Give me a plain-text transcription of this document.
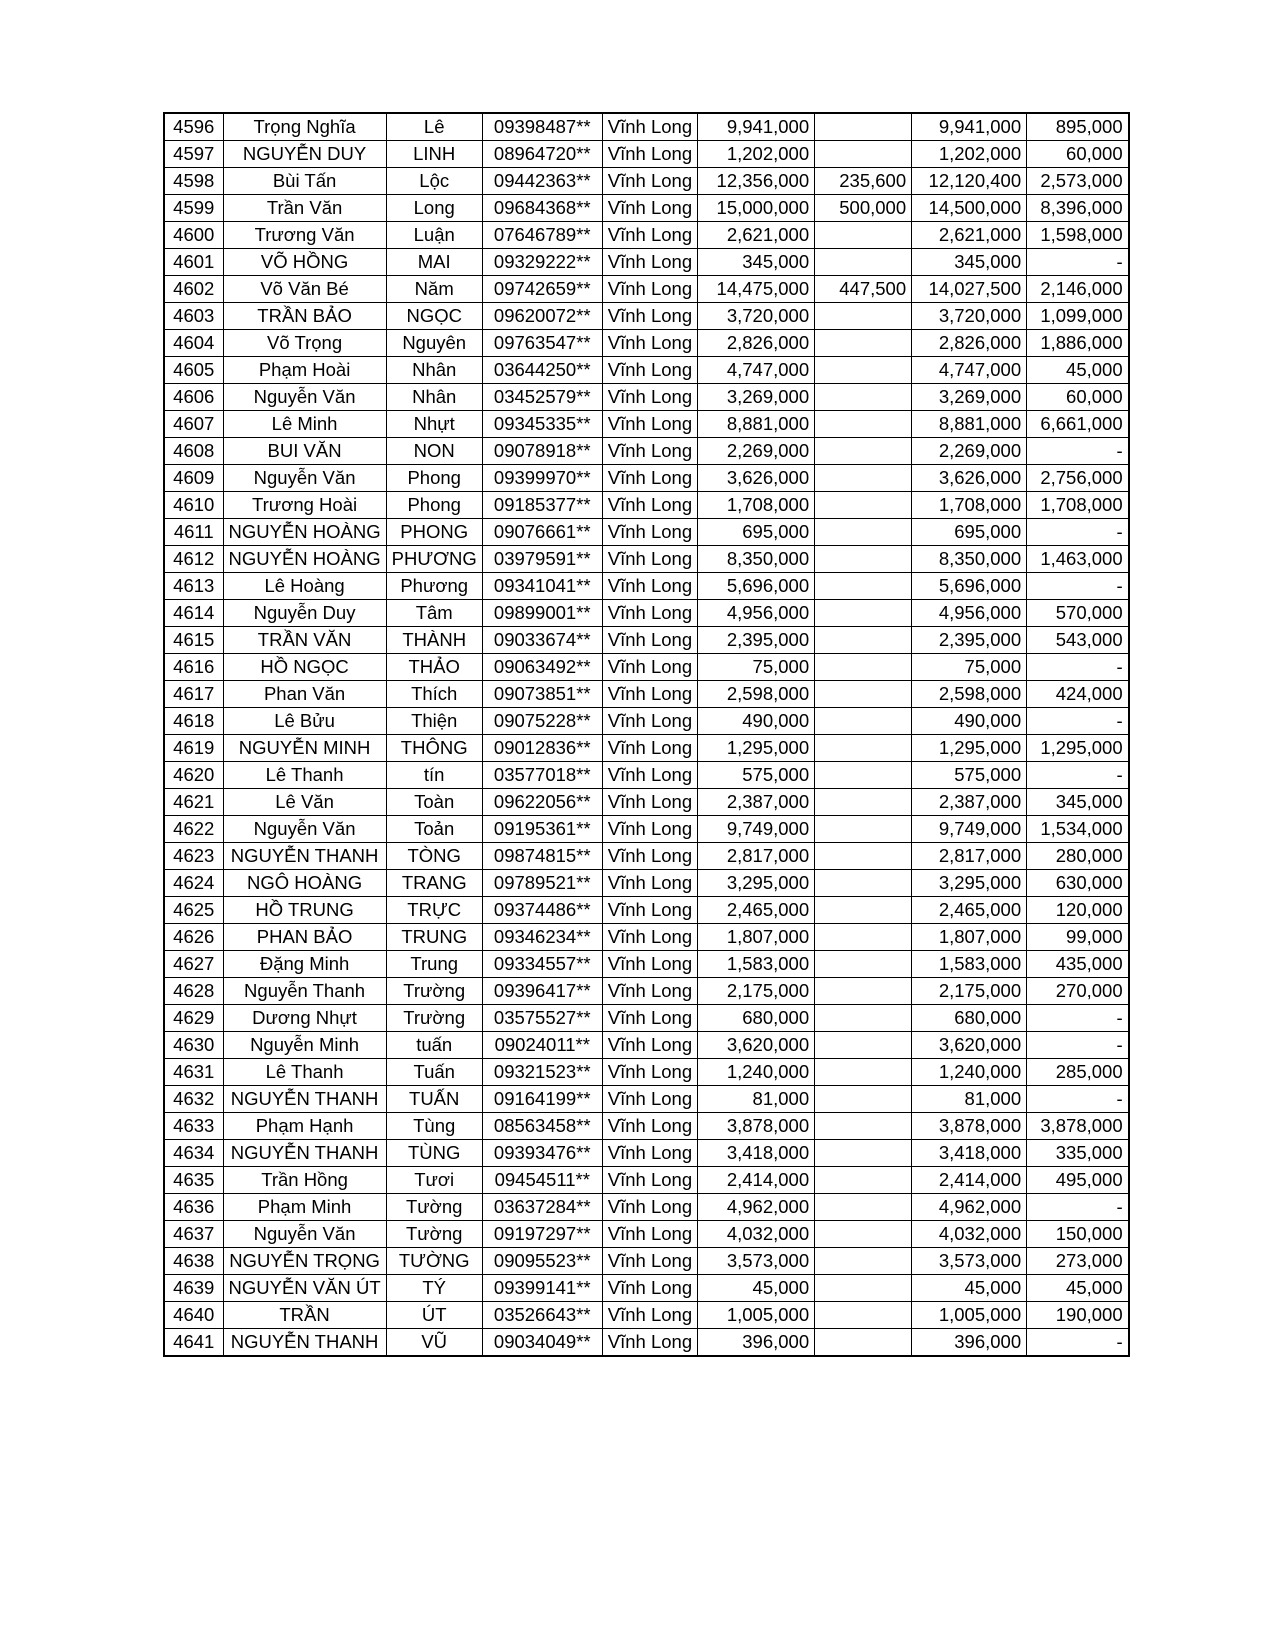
4596	Trọng Nghĩa	Lê	09398487**	Vĩnh Long	9,941,000		9,941,000	895,000
4597	NGUYỄN DUY	LINH	08964720**	Vĩnh Long	1,202,000		1,202,000	60,000
4598	Bùi Tấn	Lộc	09442363**	Vĩnh Long	12,356,000	235,600	12,120,400	2,573,000
4599	Trần Văn	Long	09684368**	Vĩnh Long	15,000,000	500,000	14,500,000	8,396,000
4600	Trương Văn	Luận	07646789**	Vĩnh Long	2,621,000		2,621,000	1,598,000
4601	VÕ HỒNG	MAI	09329222**	Vĩnh Long	345,000		345,000	-
4602	Võ Văn Bé	Năm	09742659**	Vĩnh Long	14,475,000	447,500	14,027,500	2,146,000
4603	TRẦN BẢO	NGỌC	09620072**	Vĩnh Long	3,720,000		3,720,000	1,099,000
4604	Võ Trọng	Nguyên	09763547**	Vĩnh Long	2,826,000		2,826,000	1,886,000
4605	Phạm Hoài	Nhân	03644250**	Vĩnh Long	4,747,000		4,747,000	45,000
4606	Nguyễn Văn	Nhân	03452579**	Vĩnh Long	3,269,000		3,269,000	60,000
4607	Lê Minh	Nhựt	09345335**	Vĩnh Long	8,881,000		8,881,000	6,661,000
4608	BUI VĂN	NON	09078918**	Vĩnh Long	2,269,000		2,269,000	-
4609	Nguyễn Văn	Phong	09399970**	Vĩnh Long	3,626,000		3,626,000	2,756,000
4610	Trương Hoài	Phong	09185377**	Vĩnh Long	1,708,000		1,708,000	1,708,000
4611	NGUYỄN HOÀNG	PHONG	09076661**	Vĩnh Long	695,000		695,000	-
4612	NGUYỄN HOÀNG	PHƯƠNG	03979591**	Vĩnh Long	8,350,000		8,350,000	1,463,000
4613	Lê Hoàng	Phương	09341041**	Vĩnh Long	5,696,000		5,696,000	-
4614	Nguyễn Duy	Tâm	09899001**	Vĩnh Long	4,956,000		4,956,000	570,000
4615	TRẦN VĂN	THÀNH	09033674**	Vĩnh Long	2,395,000		2,395,000	543,000
4616	HỒ NGỌC	THẢO	09063492**	Vĩnh Long	75,000		75,000	-
4617	Phan Văn	Thích	09073851**	Vĩnh Long	2,598,000		2,598,000	424,000
4618	Lê Bửu	Thiện	09075228**	Vĩnh Long	490,000		490,000	-
4619	NGUYỄN MINH	THÔNG	09012836**	Vĩnh Long	1,295,000		1,295,000	1,295,000
4620	Lê Thanh	tín	03577018**	Vĩnh Long	575,000		575,000	-
4621	Lê Văn	Toàn	09622056**	Vĩnh Long	2,387,000		2,387,000	345,000
4622	Nguyễn Văn	Toản	09195361**	Vĩnh Long	9,749,000		9,749,000	1,534,000
4623	NGUYỄN THANH	TÒNG	09874815**	Vĩnh Long	2,817,000		2,817,000	280,000
4624	NGÔ HOÀNG	TRANG	09789521**	Vĩnh Long	3,295,000		3,295,000	630,000
4625	HỒ TRUNG	TRỰC	09374486**	Vĩnh Long	2,465,000		2,465,000	120,000
4626	PHAN BẢO	TRUNG	09346234**	Vĩnh Long	1,807,000		1,807,000	99,000
4627	Đặng Minh	Trung	09334557**	Vĩnh Long	1,583,000		1,583,000	435,000
4628	Nguyễn Thanh	Trường	09396417**	Vĩnh Long	2,175,000		2,175,000	270,000
4629	Dương Nhựt	Trường	03575527**	Vĩnh Long	680,000		680,000	-
4630	Nguyễn Minh	tuấn	09024011**	Vĩnh Long	3,620,000		3,620,000	-
4631	Lê Thanh	Tuấn	09321523**	Vĩnh Long	1,240,000		1,240,000	285,000
4632	NGUYỄN THANH	TUẤN	09164199**	Vĩnh Long	81,000		81,000	-
4633	Phạm Hạnh	Tùng	08563458**	Vĩnh Long	3,878,000		3,878,000	3,878,000
4634	NGUYỄN THANH	TÙNG	09393476**	Vĩnh Long	3,418,000		3,418,000	335,000
4635	Trần Hồng	Tươi	09454511**	Vĩnh Long	2,414,000		2,414,000	495,000
4636	Phạm Minh	Tường	03637284**	Vĩnh Long	4,962,000		4,962,000	-
4637	Nguyễn Văn	Tường	09197297**	Vĩnh Long	4,032,000		4,032,000	150,000
4638	NGUYỄN TRỌNG	TƯỜNG	09095523**	Vĩnh Long	3,573,000		3,573,000	273,000
4639	NGUYỄN VĂN ÚT	TÝ	09399141**	Vĩnh Long	45,000		45,000	45,000
4640	TRẦN	ÚT	03526643**	Vĩnh Long	1,005,000		1,005,000	190,000
4641	NGUYỄN THANH	VŨ	09034049**	Vĩnh Long	396,000		396,000	-
